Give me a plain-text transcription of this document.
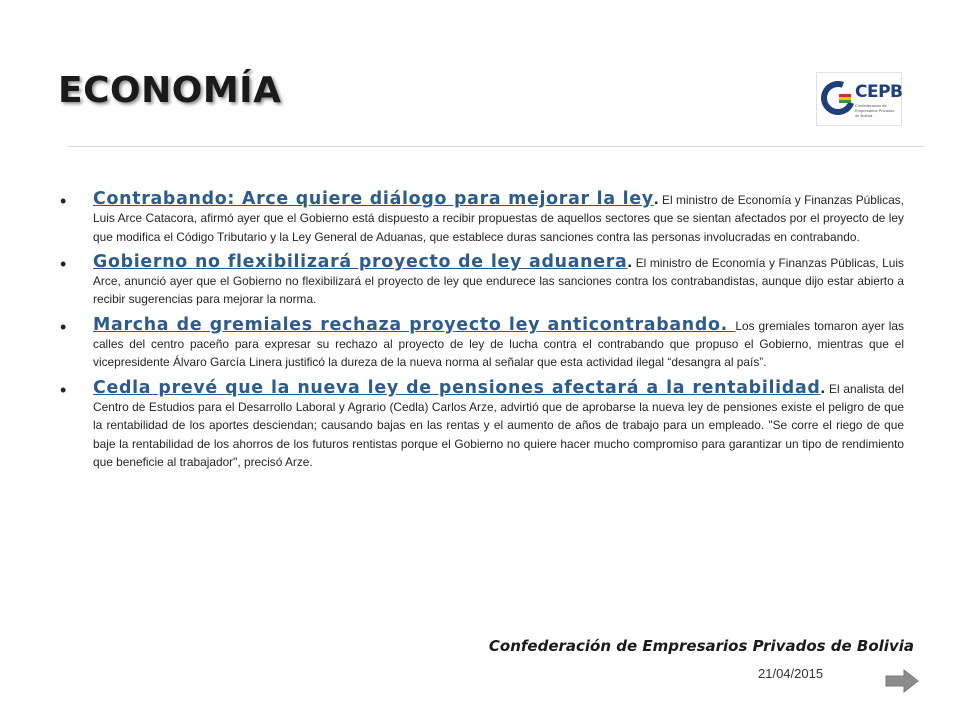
ECONOMÍA	CEPB
Confederación de Empresarios Privados de Bolivia
• Contrabando: Arce quiere diálogo para mejorar la ley. El ministro de Economía y Finanzas Públicas, Luis Arce Catacora, afirmó ayer que el Gobierno está dispuesto a recibir propuestas de aquellos sectores que se sientan afectados por el proyecto de ley que modifica el Código Tributario y la Ley General de Aduanas, que establece duras sanciones contra las personas involucradas en contrabando.
• Gobierno no flexibilizará proyecto de ley aduanera. El ministro de Economía y Finanzas Públicas, Luis Arce, anunció ayer que el Gobierno no flexibilizará el proyecto de ley que endurece las sanciones contra los contrabandistas, aunque dijo estar abierto a recibir sugerencias para mejorar la norma.
• Marcha de gremiales rechaza proyecto ley anticontrabando. Los gremiales tomaron ayer las calles del centro paceño para expresar su rechazo al proyecto de ley de lucha contra el contrabando que propuso el Gobierno, mientras que el vicepresidente Álvaro García Linera justificó la dureza de la nueva norma al señalar que esta actividad ilegal “desangra al país”.
• Cedla prevé que la nueva ley de pensiones afectará a la rentabilidad. El analista del Centro de Estudios para el Desarrollo Laboral y Agrario (Cedla) Carlos Arze, advirtió que de aprobarse la nueva ley de pensiones existe el peligro de que la rentabilidad de los aportes desciendan; causando bajas en las rentas y el aumento de años de trabajo para un empleado. "Se corre el riego de que baje la rentabilidad de los ahorros de los futuros rentistas porque el Gobierno no quiere hacer mucho compromiso para garantizar un tipo de rendimiento que beneficie al trabajador", precisó Arze.
Confederación de Empresarios Privados de Bolivia
21/04/2015
